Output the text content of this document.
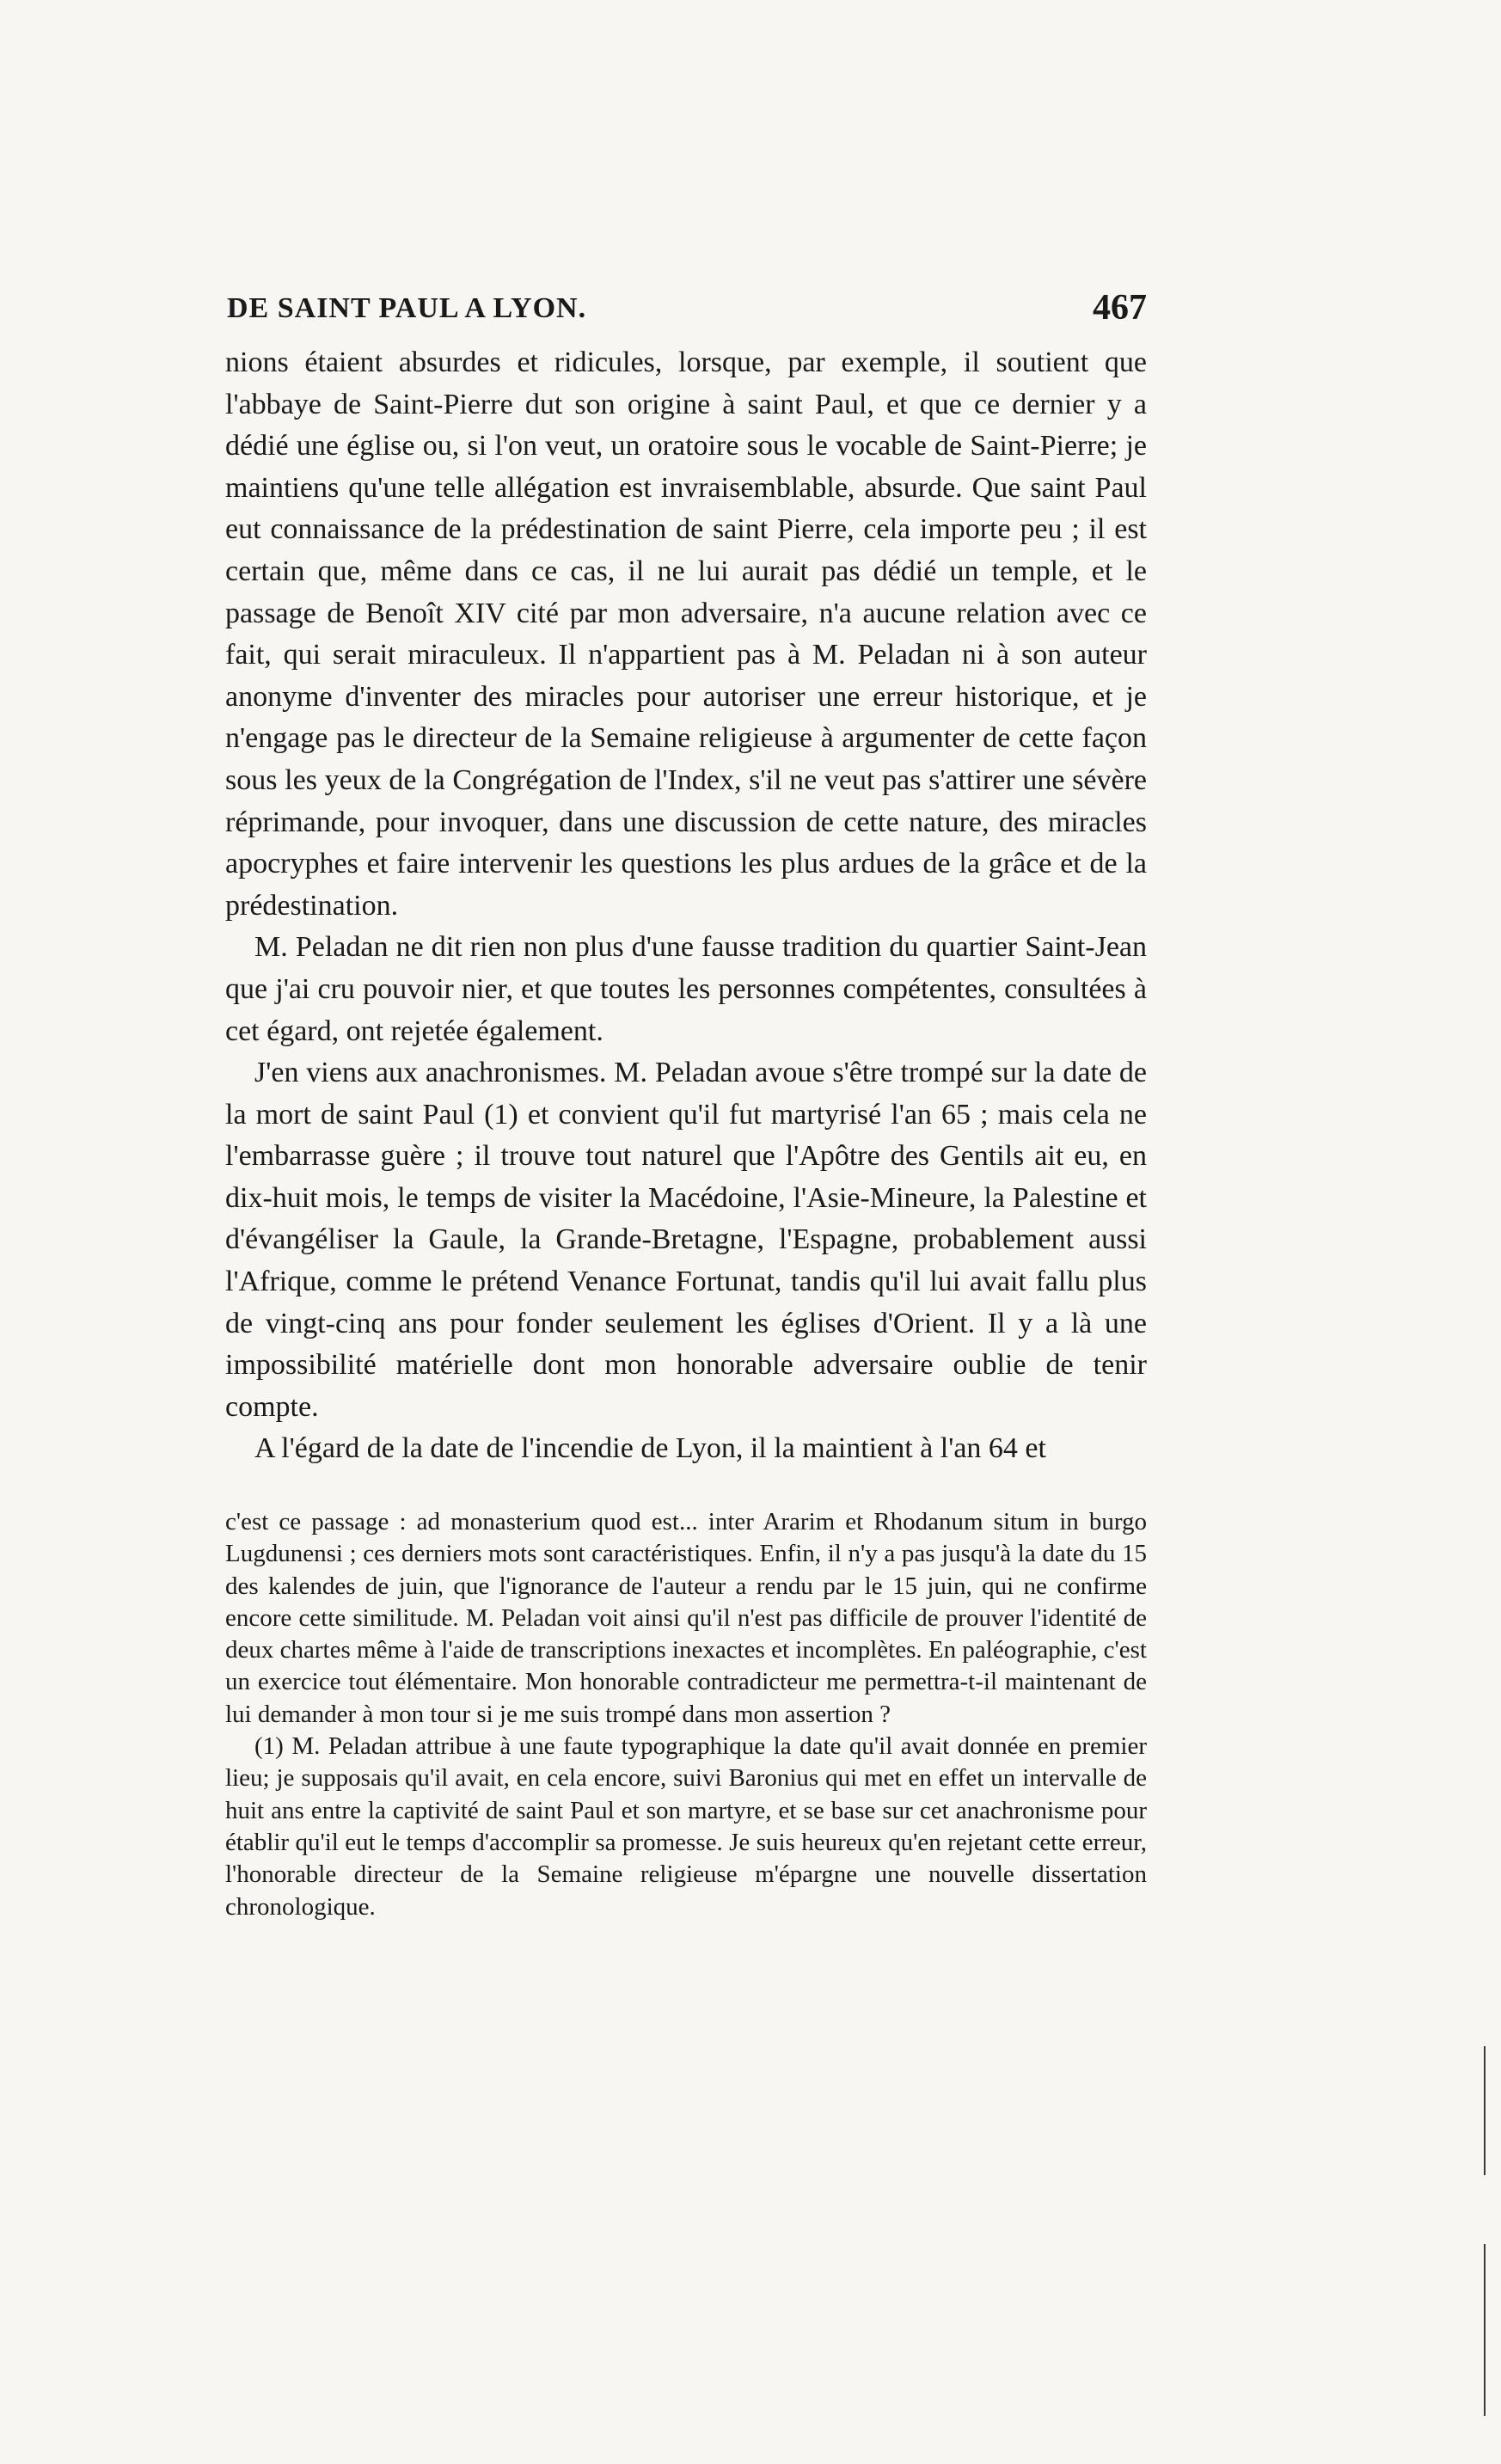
DE SAINT PAUL A LYON.	467

nions étaient absurdes et ridicules, lorsque, par exemple, il soutient que l'abbaye de Saint-Pierre dut son origine à saint Paul, et que ce dernier y a dédié une église ou, si l'on veut, un oratoire sous le vocable de Saint-Pierre; je maintiens qu'une telle allégation est invraisemblable, absurde. Que saint Paul eut connaissance de la prédestination de saint Pierre, cela importe peu ; il est certain que, même dans ce cas, il ne lui aurait pas dédié un temple, et le passage de Benoît XIV cité par mon adversaire, n'a aucune relation avec ce fait, qui serait miraculeux. Il n'appartient pas à M. Peladan ni à son auteur anonyme d'inventer des miracles pour autoriser une erreur historique, et je n'engage pas le directeur de la Semaine religieuse à argumenter de cette façon sous les yeux de la Congrégation de l'Index, s'il ne veut pas s'attirer une sévère réprimande, pour invoquer, dans une discussion de cette nature, des miracles apocryphes et faire intervenir les questions les plus ardues de la grâce et de la prédestination.

M. Peladan ne dit rien non plus d'une fausse tradition du quartier Saint-Jean que j'ai cru pouvoir nier, et que toutes les personnes compétentes, consultées à cet égard, ont rejetée également.

J'en viens aux anachronismes. M. Peladan avoue s'être trompé sur la date de la mort de saint Paul (1) et convient qu'il fut martyrisé l'an 65 ; mais cela ne l'embarrasse guère ; il trouve tout naturel que l'Apôtre des Gentils ait eu, en dix-huit mois, le temps de visiter la Macédoine, l'Asie-Mineure, la Palestine et d'évangéliser la Gaule, la Grande-Bretagne, l'Espagne, probablement aussi l'Afrique, comme le prétend Venance Fortunat, tandis qu'il lui avait fallu plus de vingt-cinq ans pour fonder seulement les églises d'Orient. Il y a là une impossibilité matérielle dont mon honorable adversaire oublie de tenir compte.

A l'égard de la date de l'incendie de Lyon, il la maintient à l'an 64 et

c'est ce passage : ad monasterium quod est... inter Ararim et Rhodanum situm in burgo Lugdunensi ; ces derniers mots sont caractéristiques. Enfin, il n'y a pas jusqu'à la date du 15 des kalendes de juin, que l'ignorance de l'auteur a rendu par le 15 juin, qui ne confirme encore cette similitude. M. Peladan voit ainsi qu'il n'est pas difficile de prouver l'identité de deux chartes même à l'aide de transcriptions inexactes et incomplètes. En paléographie, c'est un exercice tout élémentaire. Mon honorable contradicteur me permettra-t-il maintenant de lui demander à mon tour si je me suis trompé dans mon assertion ?

(1) M. Peladan attribue à une faute typographique la date qu'il avait donnée en premier lieu; je supposais qu'il avait, en cela encore, suivi Baronius qui met en effet un intervalle de huit ans entre la captivité de saint Paul et son martyre, et se base sur cet anachronisme pour établir qu'il eut le temps d'accomplir sa promesse. Je suis heureux qu'en rejetant cette erreur, l'honorable directeur de la Semaine religieuse m'épargne une nouvelle dissertation chronologique.
